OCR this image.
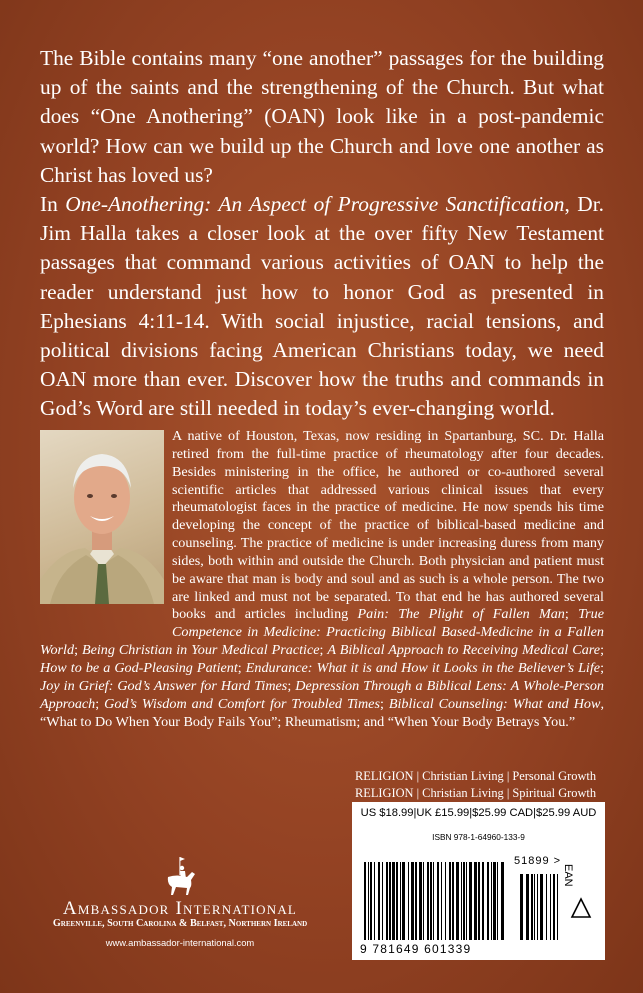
The Bible contains many “one another” passages for the building up of the saints and the strengthening of the Church. But what does “One Anothering” (OAN) look like in a post-pandemic world? How can we build up the Church and love one another as Christ has loved us?

In One-Anothering: An Aspect of Progressive Sanctification, Dr. Jim Halla takes a closer look at the over fifty New Testament passages that command various activities of OAN to help the reader understand just how to honor God as presented in Ephesians 4:11-14. With social injustice, racial tensions, and political divisions facing American Christians today, we need OAN more than ever. Discover how the truths and commands in God’s Word are still needed in today’s ever-changing world.

A native of Houston, Texas, now residing in Spartanburg, SC. Dr. Halla retired from the full-time practice of rheumatology after four decades. Besides ministering in the office, he authored or co-authored several scientific articles that addressed various clinical issues that every rheumatologist faces in the practice of medicine. He now spends his time developing the concept of the practice of biblical-based medicine and counseling. The practice of medicine is under increasing duress from many sides, both within and outside the Church. Both physician and patient must be aware that man is body and soul and as such is a whole person. The two are linked and must not be separated. To that end he has authored several books and articles including Pain: The Plight of Fallen Man; True Competence in Medicine: Practicing Biblical Based-Medicine in a Fallen World; Being Christian in Your Medical Practice; A Biblical Approach to Receiving Medical Care; How to be a God-Pleasing Patient; Endurance: What it is and How it Looks in the Believer’s Life; Joy in Grief: God’s Answer for Hard Times; Depression Through a Biblical Lens: A Whole-Person Approach; God’s Wisdom and Comfort for Troubled Times; Biblical Counseling: What and How, “What to Do When Your Body Fails You”; Rheumatism; and “When Your Body Betrays You.”
RELIGION | Christian Living | Personal Growth
RELIGION | Christian Living | Spiritual Growth
US $18.99|UK £15.99|$25.99 CAD|$25.99 AUD
ISBN 978-1-64960-133-9
51899 >
EAN
9 781649 601339
Ambassador International
Greenville, South Carolina & Belfast, Northern Ireland
www.ambassador-international.com
